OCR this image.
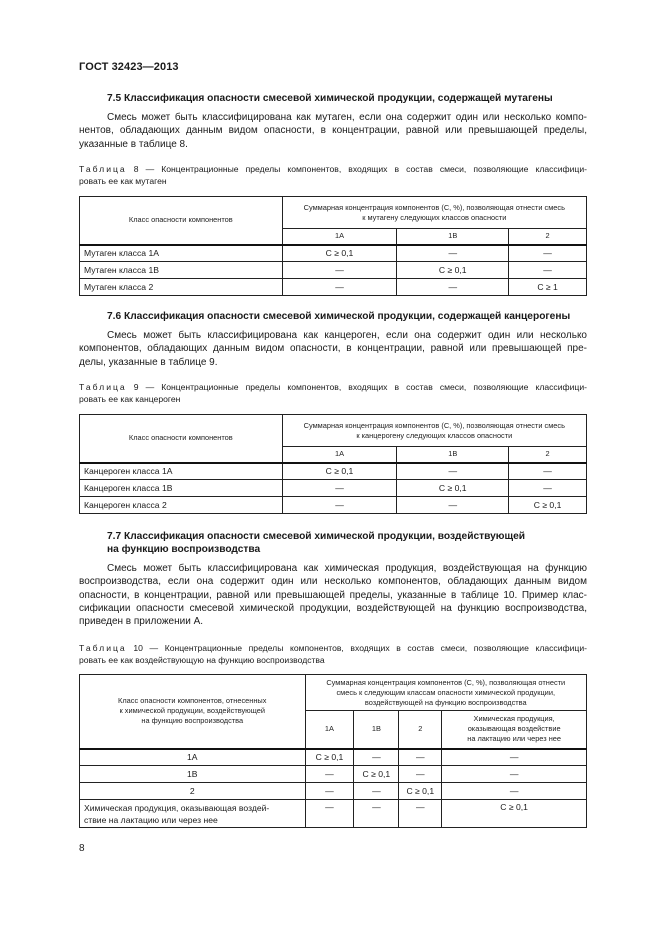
ГОСТ 32423—2013
7.5 Классификация опасности смесевой химической продукции, содержащей мутагены
Смесь может быть классифицирована как мутаген, если она содержит один или несколько компо-
нентов, обладающих данным видом опасности, в концентрации, равной или превышающей пределы,
указанные в таблице 8.
Таблица 8 — Концентрационные пределы компонентов, входящих в состав смеси, позволяющие классифици-
ровать ее как мутаген
Класс опасности компонентов	Суммарная концентрация компонентов (С, %), позволяющая отнести смесь
к мутагену следующих классов опасности		
	1А	1В	2
Мутаген класса 1А	C ≥ 0,1	—	—
Мутаген класса 1В	—	C ≥ 0,1	—
Мутаген класса 2	—	—	C ≥ 1
7.6 Классификация опасности смесевой химической продукции, содержащей канцерогены
Смесь может быть классифицирована как канцероген, если она содержит один или несколько
компонентов, обладающих данным видом опасности, в концентрации, равной или превышающей пре-
делы, указанные в таблице 9.
Таблица 9 — Концентрационные пределы компонентов, входящих в состав смеси, позволяющие классифици-
ровать ее как канцероген
Класс опасности компонентов	Суммарная концентрация компонентов (С, %), позволяющая отнести смесь
к канцерогену следующих классов опасности		
	1А	1В	2
Канцероген класса 1А	C ≥ 0,1	—	—
Канцероген класса 1В	—	C ≥ 0,1	—
Канцероген класса 2	—	—	C ≥ 0,1
7.7 Классификация опасности смесевой химической продукции, воздействующей
на функцию воспроизводства
Смесь может быть классифицирована как химическая продукция, воздействующая на функцию
воспроизводства, если она содержит один или несколько компонентов, обладающих данным видом
опасности, в концентрации, равной или превышающей пределы, указанные в таблице 10. Пример клас-
сификации опасности смесевой химической продукции, воздействующей на функцию воспроизводства,
приведен в приложении А.
Таблица 10 — Концентрационные пределы компонентов, входящих в состав смеси, позволяющие классифици-
ровать ее как воздействующую на функцию воспроизводства
Класс опасности компонентов, отнесенных
к химической продукции, воздействующей
на функцию воспроизводства	Суммарная концентрация компонентов (С, %), позволяющая отнести
смесь к следующим классам опасности химической продукции,
воздействующей на функцию воспроизводства			
	1А	1В	2	Химическая продукция,
оказывающая воздействие
на лактацию или через нее
1А	C ≥ 0,1	—	—	—
1В	—	C ≥ 0,1	—	—
2	—	—	C ≥ 0,1	—
Химическая продукция, оказывающая воздей-
ствие на лактацию или через нее	—	—	—	C ≥ 0,1
8
